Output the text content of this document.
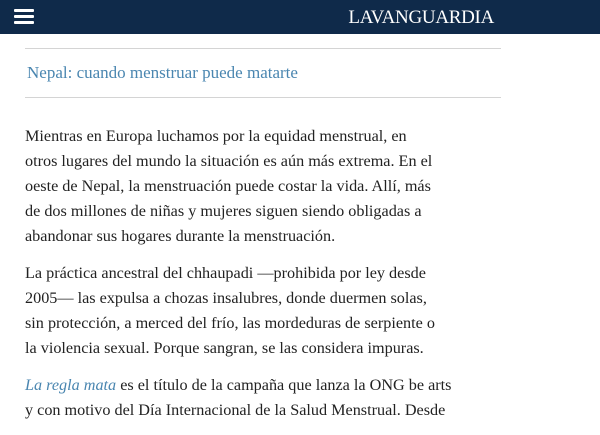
LAVANGUARDIA
Nepal: cuando menstruar puede matarte

Mientras en Europa luchamos por la equidad menstrual, en
otros lugares del mundo la situación es aún más extrema. En el
oeste de Nepal, la menstruación puede costar la vida. Allí, más
de dos millones de niñas y mujeres siguen siendo obligadas a
abandonar sus hogares durante la menstruación.

La práctica ancestral del chhaupadi —prohibida por ley desde
2005— las expulsa a chozas insalubres, donde duermen solas,
sin protección, a merced del frío, las mordeduras de serpiente o
la violencia sexual. Porque sangran, se las considera impuras.

La regla mata es el título de la campaña que lanza la ONG be arts
y con motivo del Día Internacional de la Salud Menstrual. Desde
